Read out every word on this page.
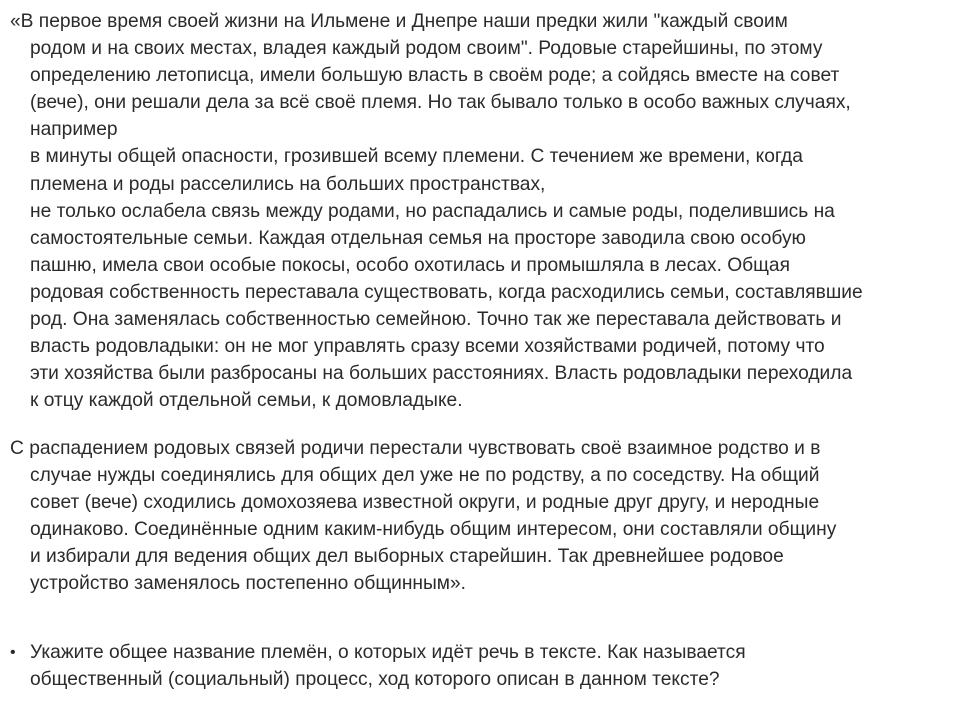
«В первое время своей жизни на Ильмене и Днепре наши предки жили "каждый своим
родом и на своих местах, владея каждый родом своим". Родовые старейшины, по этому
определению летописца, имели большую власть в своём роде; а сойдясь вместе на совет
(вече), они решали дела за всё своё племя. Но так бывало только в особо важных случаях,
например
в минуты общей опасности, грозившей всему племени. С течением же времени, когда
племена и роды расселились на больших пространствах,
не только ослабела связь между родами, но распадались и самые роды, поделившись на
самостоятельные семьи. Каждая отдельная семья на просторе заводила свою особую
пашню, имела свои особые покосы, особо охотилась и промышляла в лесах. Общая
родовая собственность переставала существовать, когда расходились семьи, составлявшие
род. Она заменялась собственностью семейною. Точно так же переставала действовать и
власть родовладыки: он не мог управлять сразу всеми хозяйствами родичей, потому что
эти хозяйства были разбросаны на больших расстояниях. Власть родовладыки переходила
к отцу каждой отдельной семьи, к домовладыке.
С распадением родовых связей родичи перестали чувствовать своё взаимное родство и в
случае нужды соединялись для общих дел уже не по родству, а по соседству. На общий
совет (вече) сходились домохозяева известной округи, и родные друг другу, и неродные
одинаково. Соединённые одним каким-нибудь общим интересом, они составляли общину
и избирали для ведения общих дел выборных старейшин. Так древнейшее родовое
устройство заменялось постепенно общинным».
• Укажите общее название племён, о которых идёт речь в тексте. Как называется
общественный (социальный) процесс, ход которого описан в данном тексте?
